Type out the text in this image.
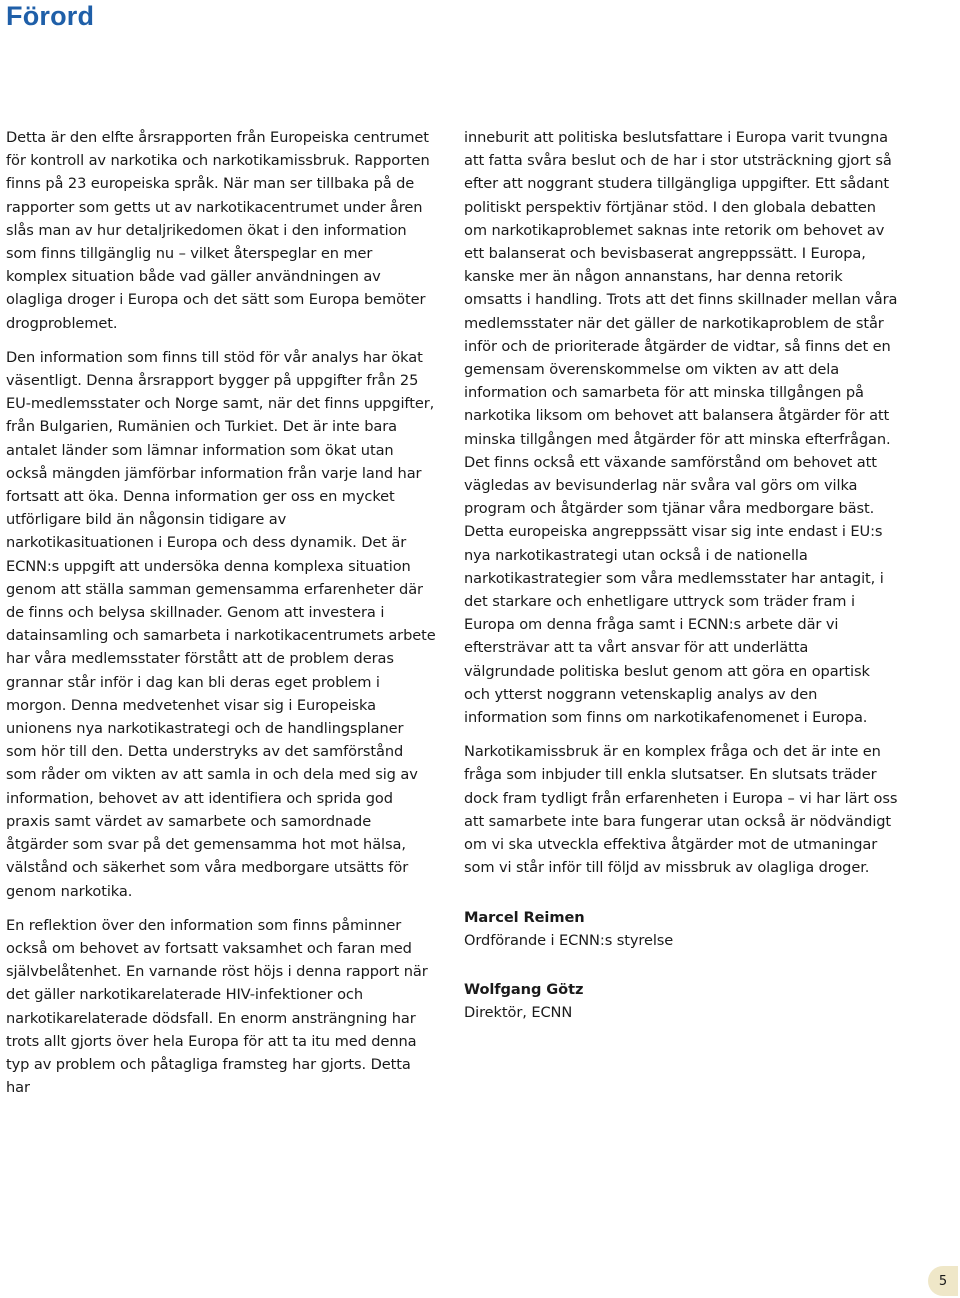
Förord

Detta är den elfte årsrapporten från Europeiska centrumet för kontroll av narkotika och narkotikamissbruk. Rapporten finns på 23 europeiska språk. När man ser tillbaka på de rapporter som getts ut av narkotikacentrumet under åren slås man av hur detaljrikedomen ökat i den information som finns tillgänglig nu – vilket återspeglar en mer komplex situation både vad gäller användningen av olagliga droger i Europa och det sätt som Europa bemöter drogproblemet.

Den information som finns till stöd för vår analys har ökat väsentligt. Denna årsrapport bygger på uppgifter från 25 EU-medlemsstater och Norge samt, när det finns uppgifter, från Bulgarien, Rumänien och Turkiet. Det är inte bara antalet länder som lämnar information som ökat utan också mängden jämförbar information från varje land har fortsatt att öka. Denna information ger oss en mycket utförligare bild än någonsin tidigare av narkotikasituationen i Europa och dess dynamik. Det är ECNN:s uppgift att undersöka denna komplexa situation genom att ställa samman gemensamma erfarenheter där de finns och belysa skillnader. Genom att investera i datainsamling och samarbeta i narkotikacentrumets arbete har våra medlemsstater förstått att de problem deras grannar står inför i dag kan bli deras eget problem i morgon. Denna medvetenhet visar sig i Europeiska unionens nya narkotikastrategi och de handlingsplaner som hör till den. Detta understryks av det samförstånd som råder om vikten av att samla in och dela med sig av information, behovet av att identifiera och sprida god praxis samt värdet av samarbete och samordnade åtgärder som svar på det gemensamma hot mot hälsa, välstånd och säkerhet som våra medborgare utsätts för genom narkotika.

En reflektion över den information som finns påminner också om behovet av fortsatt vaksamhet och faran med självbelåtenhet. En varnande röst höjs i denna rapport när det gäller narkotikarelaterade HIV-infektioner och narkotikarelaterade dödsfall. En enorm ansträngning har trots allt gjorts över hela Europa för att ta itu med denna typ av problem och påtagliga framsteg har gjorts. Detta har

inneburit att politiska beslutsfattare i Europa varit tvungna att fatta svåra beslut och de har i stor utsträckning gjort så efter att noggrant studera tillgängliga uppgifter. Ett sådant politiskt perspektiv förtjänar stöd. I den globala debatten om narkotikaproblemet saknas inte retorik om behovet av ett balanserat och bevisbaserat angreppssätt. I Europa, kanske mer än någon annanstans, har denna retorik omsatts i handling. Trots att det finns skillnader mellan våra medlemsstater när det gäller de narkotikaproblem de står inför och de prioriterade åtgärder de vidtar, så finns det en gemensam överenskommelse om vikten av att dela information och samarbeta för att minska tillgången på narkotika liksom om behovet att balansera åtgärder för att minska tillgången med åtgärder för att minska efterfrågan. Det finns också ett växande samförstånd om behovet att vägledas av bevisunderlag när svåra val görs om vilka program och åtgärder som tjänar våra medborgare bäst. Detta europeiska angreppssätt visar sig inte endast i EU:s nya narkotikastrategi utan också i de nationella narkotikastrategier som våra medlemsstater har antagit, i det starkare och enhetligare uttryck som träder fram i Europa om denna fråga samt i ECNN:s arbete där vi eftersträvar att ta vårt ansvar för att underlätta välgrundade politiska beslut genom att göra en opartisk och ytterst noggrann vetenskaplig analys av den information som finns om narkotikafenomenet i Europa.

Narkotikamissbruk är en komplex fråga och det är inte en fråga som inbjuder till enkla slutsatser. En slutsats träder dock fram tydligt från erfarenheten i Europa – vi har lärt oss att samarbete inte bara fungerar utan också är nödvändigt om vi ska utveckla effektiva åtgärder mot de utmaningar som vi står inför till följd av missbruk av olagliga droger.

Marcel Reimen
Ordförande i ECNN:s styrelse
Wolfgang Götz
Direktör, ECNN
5
